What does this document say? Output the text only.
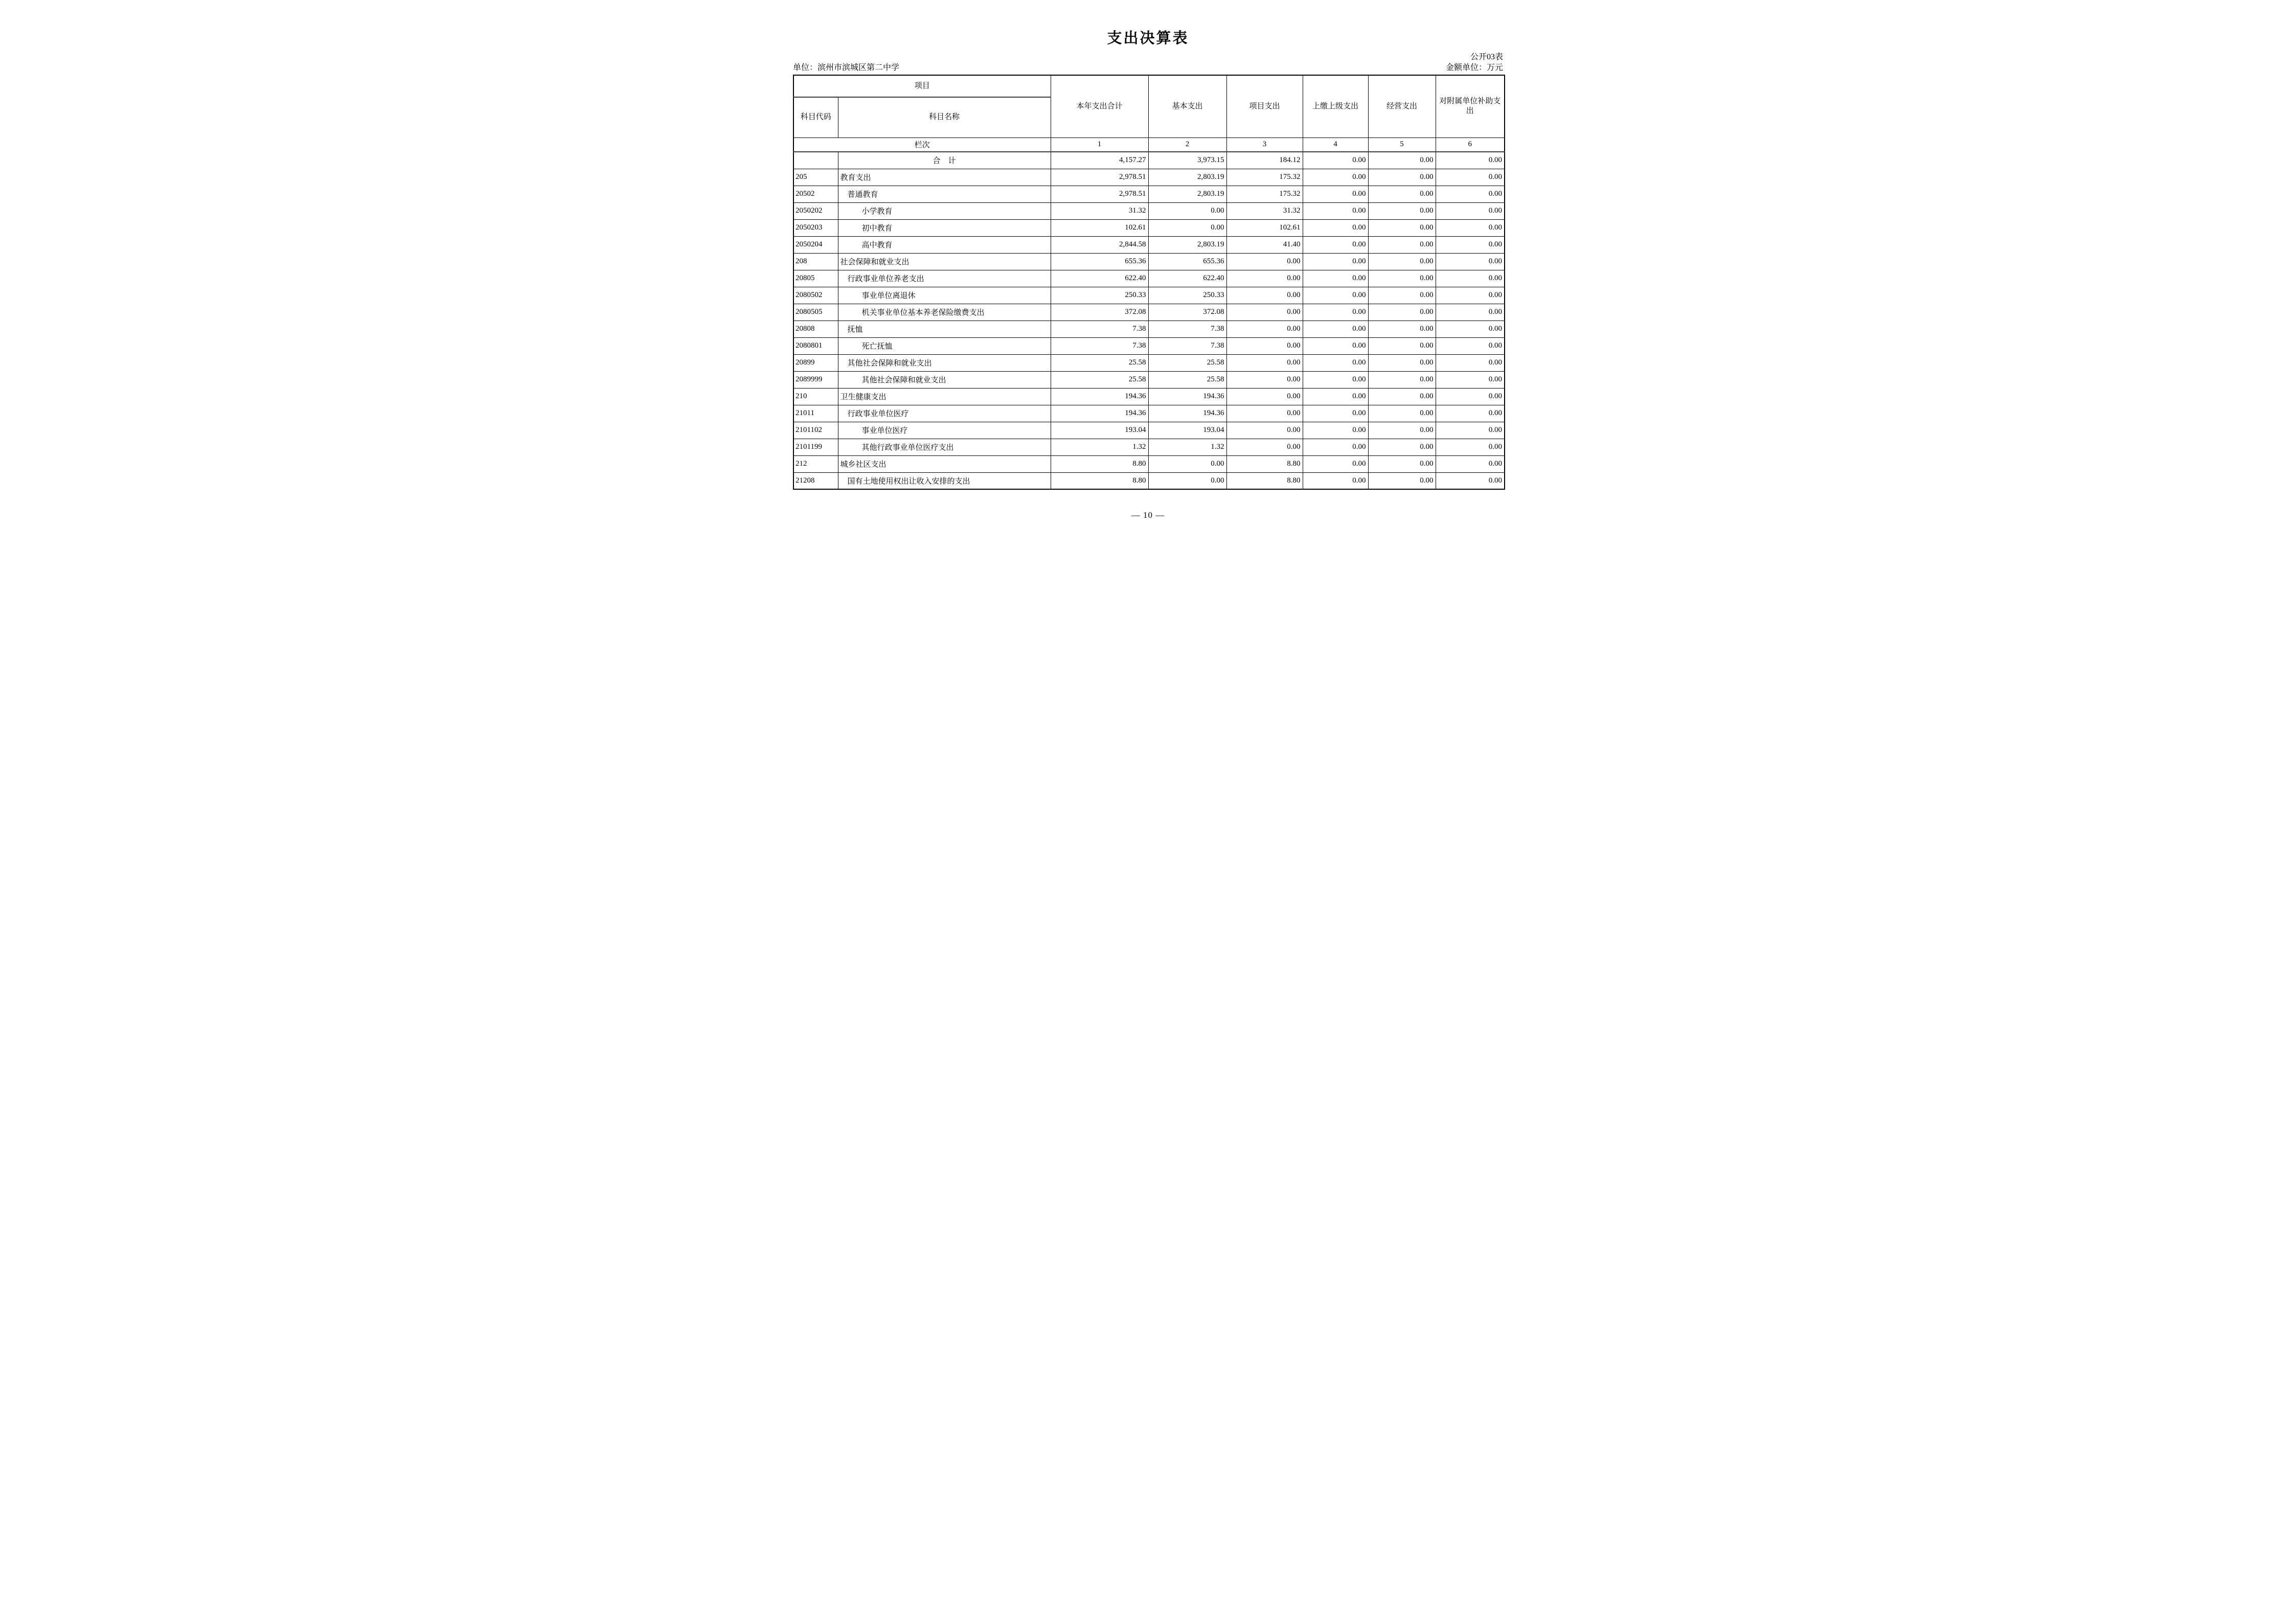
支出决算表
公开03表
单位：滨州市滨城区第二中学	金额单位：万元
项目		本年支出合计	基本支出	项目支出	上缴上级支出	经营支出	对附属单位补助支出
科目代码	科目名称						
栏次		1	2	3	4	5	6
	合　计	4,157.27	3,973.15	184.12	0.00	0.00	0.00
205	教育支出	2,978.51	2,803.19	175.32	0.00	0.00	0.00
20502	普通教育	2,978.51	2,803.19	175.32	0.00	0.00	0.00
2050202	小学教育	31.32	0.00	31.32	0.00	0.00	0.00
2050203	初中教育	102.61	0.00	102.61	0.00	0.00	0.00
2050204	高中教育	2,844.58	2,803.19	41.40	0.00	0.00	0.00
208	社会保障和就业支出	655.36	655.36	0.00	0.00	0.00	0.00
20805	行政事业单位养老支出	622.40	622.40	0.00	0.00	0.00	0.00
2080502	事业单位离退休	250.33	250.33	0.00	0.00	0.00	0.00
2080505	机关事业单位基本养老保险缴费支出	372.08	372.08	0.00	0.00	0.00	0.00
20808	抚恤	7.38	7.38	0.00	0.00	0.00	0.00
2080801	死亡抚恤	7.38	7.38	0.00	0.00	0.00	0.00
20899	其他社会保障和就业支出	25.58	25.58	0.00	0.00	0.00	0.00
2089999	其他社会保障和就业支出	25.58	25.58	0.00	0.00	0.00	0.00
210	卫生健康支出	194.36	194.36	0.00	0.00	0.00	0.00
21011	行政事业单位医疗	194.36	194.36	0.00	0.00	0.00	0.00
2101102	事业单位医疗	193.04	193.04	0.00	0.00	0.00	0.00
2101199	其他行政事业单位医疗支出	1.32	1.32	0.00	0.00	0.00	0.00
212	城乡社区支出	8.80	0.00	8.80	0.00	0.00	0.00
21208	国有土地使用权出让收入安排的支出	8.80	0.00	8.80	0.00	0.00	0.00
— 10 —
